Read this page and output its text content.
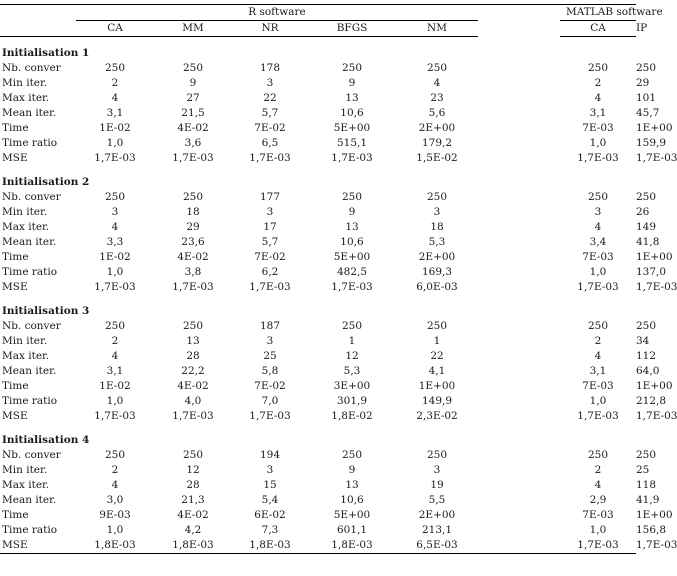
	R software						MATLAB software	
	CA	MM	NR	BFGS	NM		CA	IP

Initialisation 1								
Nb. conver	250	250	178	250	250		250	250
Min iter.	2	9	3	9	4		2	29
Max iter.	4	27	22	13	23		4	101
Mean iter.	3,1	21,5	5,7	10,6	5,6		3,1	45,7
Time	1E-02	4E-02	7E-02	5E+00	2E+00		7E-03	1E+00
Time ratio	1,0	3,6	6,5	515,1	179,2		1,0	159,9
MSE	1,7E-03	1,7E-03	1,7E-03	1,7E-03	1,5E-02		1,7E-03	1,7E-03

Initialisation 2								
Nb. conver	250	250	177	250	250		250	250
Min iter.	3	18	3	9	3		3	26
Max iter.	4	29	17	13	18		4	149
Mean iter.	3,3	23,6	5,7	10,6	5,3		3,4	41,8
Time	1E-02	4E-02	7E-02	5E+00	2E+00		7E-03	1E+00
Time ratio	1,0	3,8	6,2	482,5	169,3		1,0	137,0
MSE	1,7E-03	1,7E-03	1,7E-03	1,7E-03	6,0E-03		1,7E-03	1,7E-03

Initialisation 3								
Nb. conver	250	250	187	250	250		250	250
Min iter.	2	13	3	1	1		2	34
Max iter.	4	28	25	12	22		4	112
Mean iter.	3,1	22,2	5,8	5,3	4,1		3,1	64,0
Time	1E-02	4E-02	7E-02	3E+00	1E+00		7E-03	1E+00
Time ratio	1,0	4,0	7,0	301,9	149,9		1,0	212,8
MSE	1,7E-03	1,7E-03	1,7E-03	1,8E-02	2,3E-02		1,7E-03	1,7E-03

Initialisation 4								
Nb. conver	250	250	194	250	250		250	250
Min iter.	2	12	3	9	3		2	25
Max iter.	4	28	15	13	19		4	118
Mean iter.	3,0	21,3	5,4	10,6	5,5		2,9	41,9
Time	9E-03	4E-02	6E-02	5E+00	2E+00		7E-03	1E+00
Time ratio	1,0	4,2	7,3	601,1	213,1		1,0	156,8
MSE	1,8E-03	1,8E-03	1,8E-03	1,8E-03	6,5E-03		1,7E-03	1,7E-03
